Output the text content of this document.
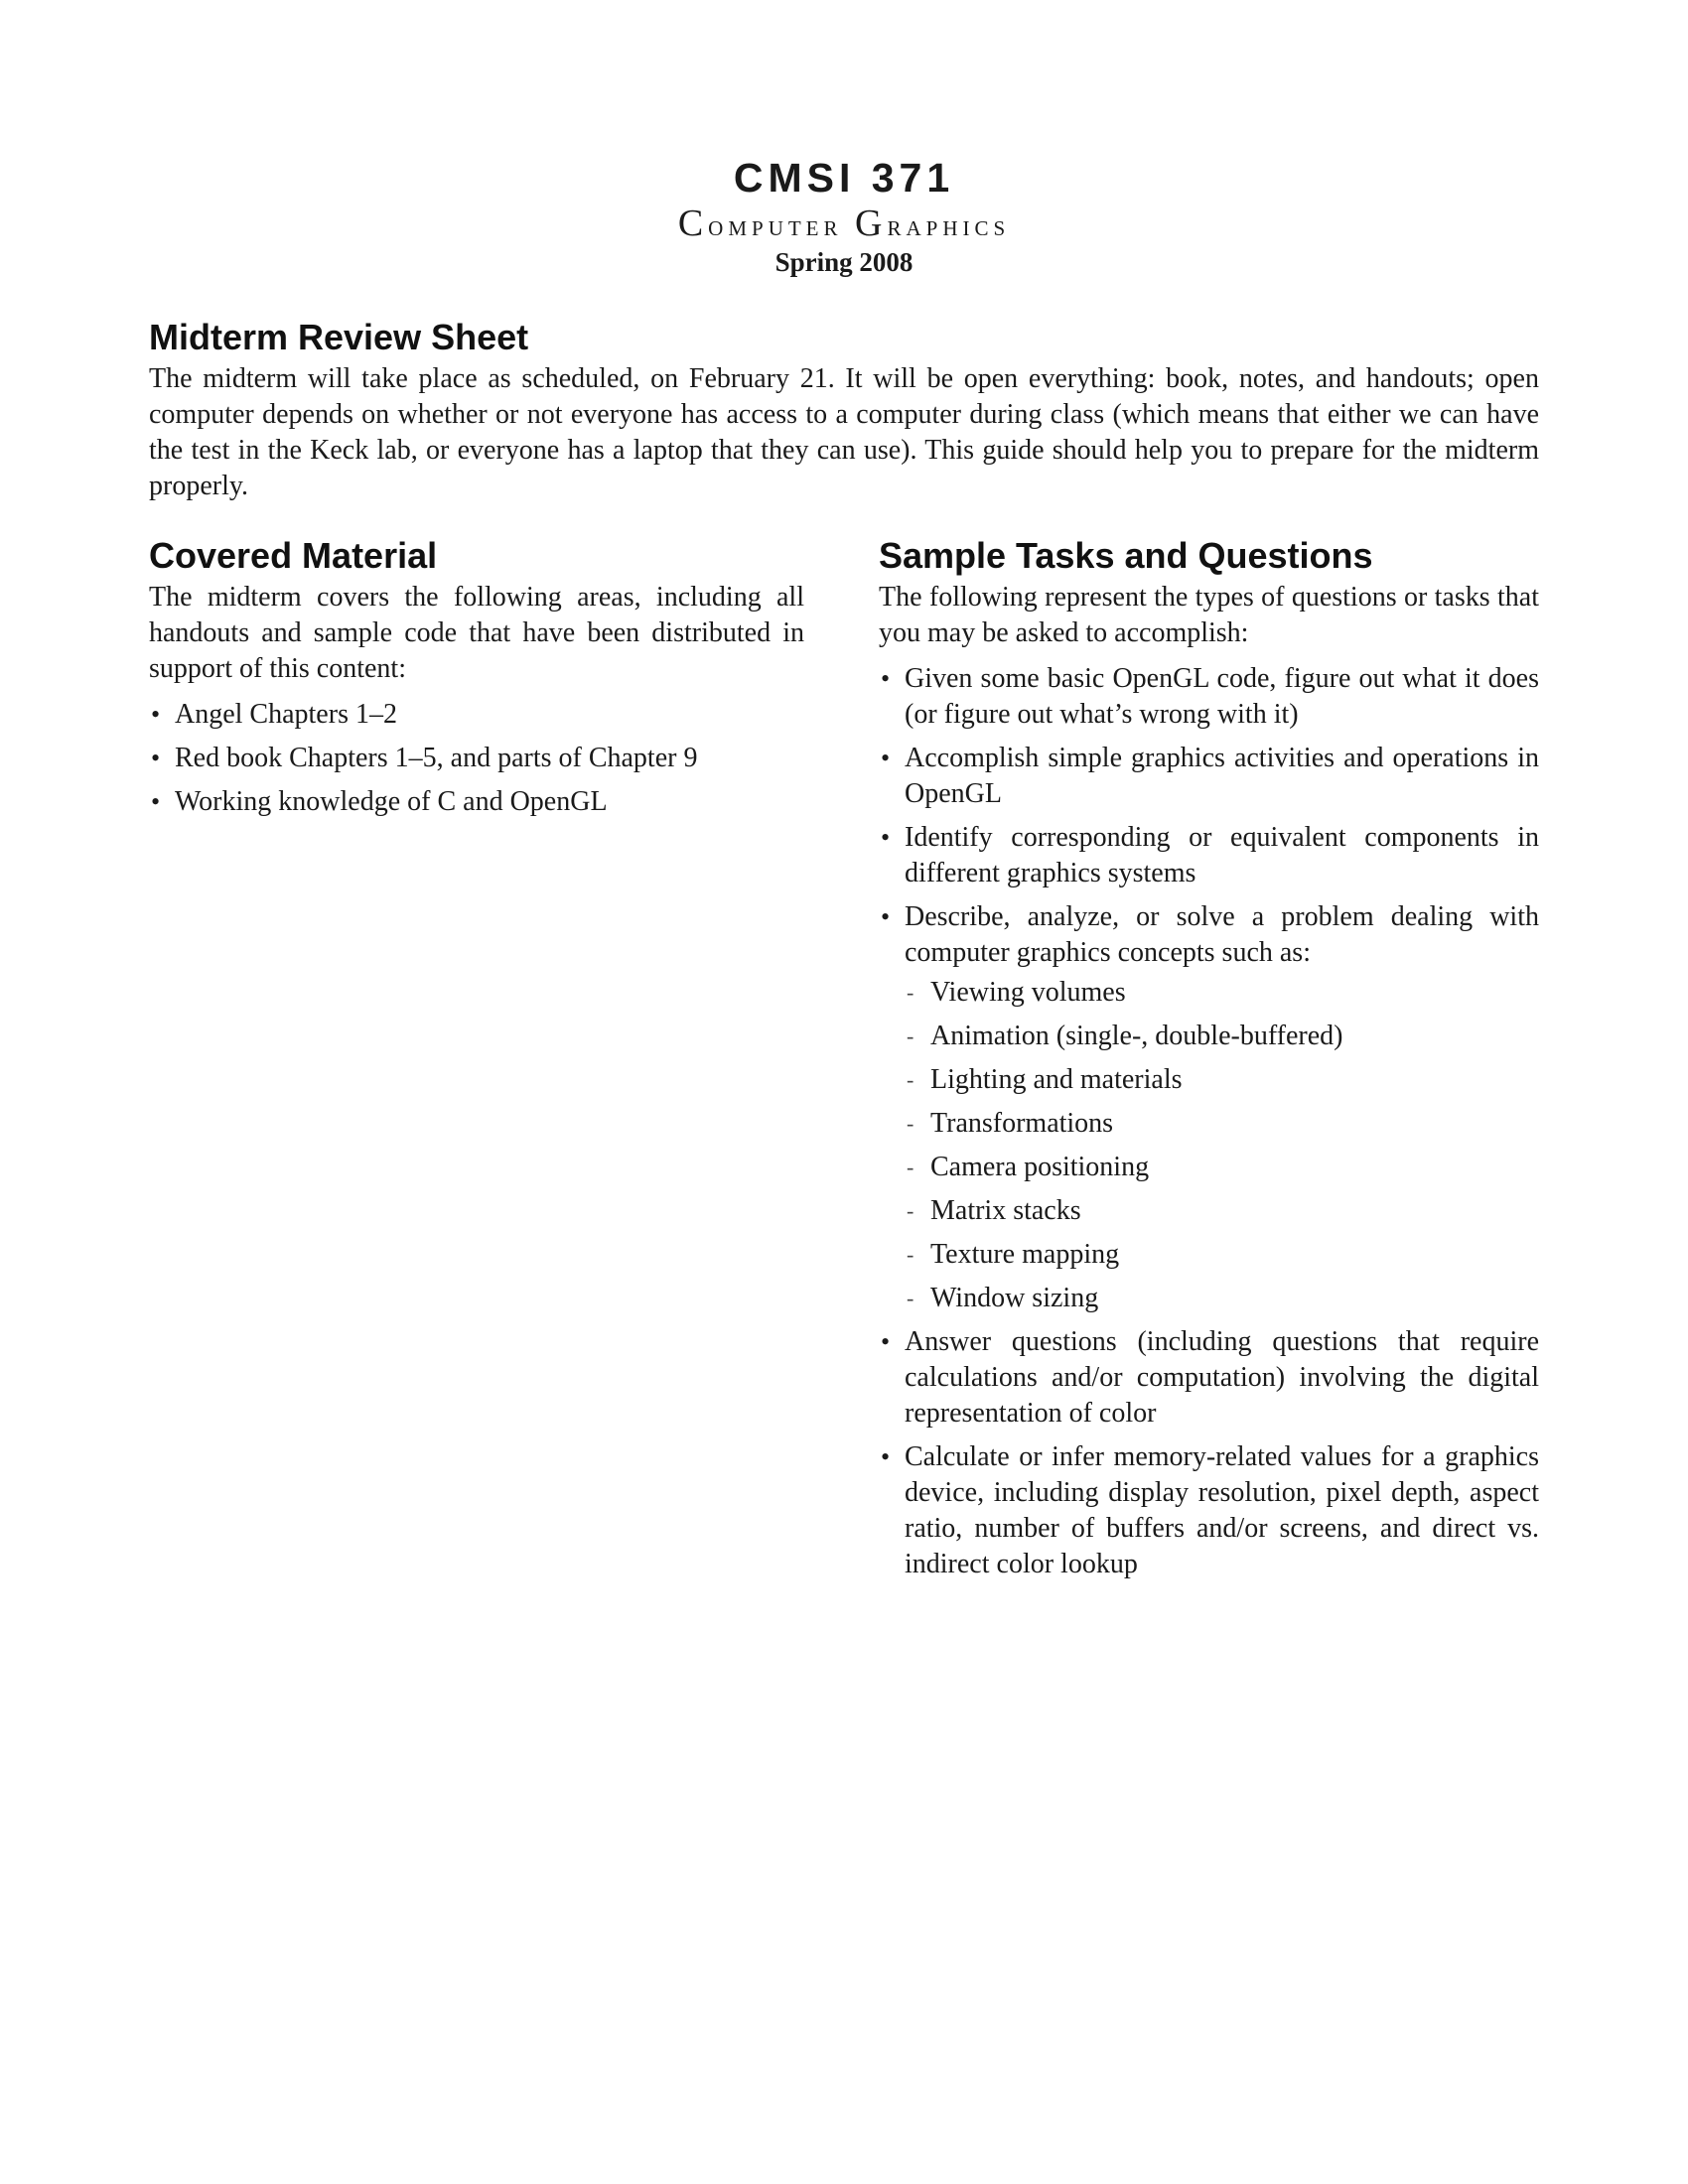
CMSI 371
Computer Graphics
Spring 2008
Midterm Review Sheet

The midterm will take place as scheduled, on February 21. It will be open everything: book, notes, and handouts; open computer depends on whether or not everyone has access to a computer during class (which means that either we can have the test in the Keck lab, or everyone has a laptop that they can use). This guide should help you to prepare for the midterm properly.

Covered Material

The midterm covers the following areas, including all handouts and sample code that have been distributed in support of this content:

• Angel Chapters 1–2
• Red book Chapters 1–5, and parts of Chapter 9
• Working knowledge of C and OpenGL
Sample Tasks and Questions

The following represent the types of questions or tasks that you may be asked to accomplish:

• Given some basic OpenGL code, figure out what it does (or figure out what’s wrong with it)
• Accomplish simple graphics activities and operations in OpenGL
• Identify corresponding or equivalent components in different graphics systems
• Describe, analyze, or solve a problem dealing with computer graphics concepts such as:
- Viewing volumes
- Animation (single-, double-buffered)
- Lighting and materials
- Transformations
- Camera positioning
- Matrix stacks
- Texture mapping
- Window sizing
• Answer questions (including questions that require calculations and/or computation) involving the digital representation of color
• Calculate or infer memory-related values for a graphics device, including display resolution, pixel depth, aspect ratio, number of buffers and/or screens, and direct vs. indirect color lookup
